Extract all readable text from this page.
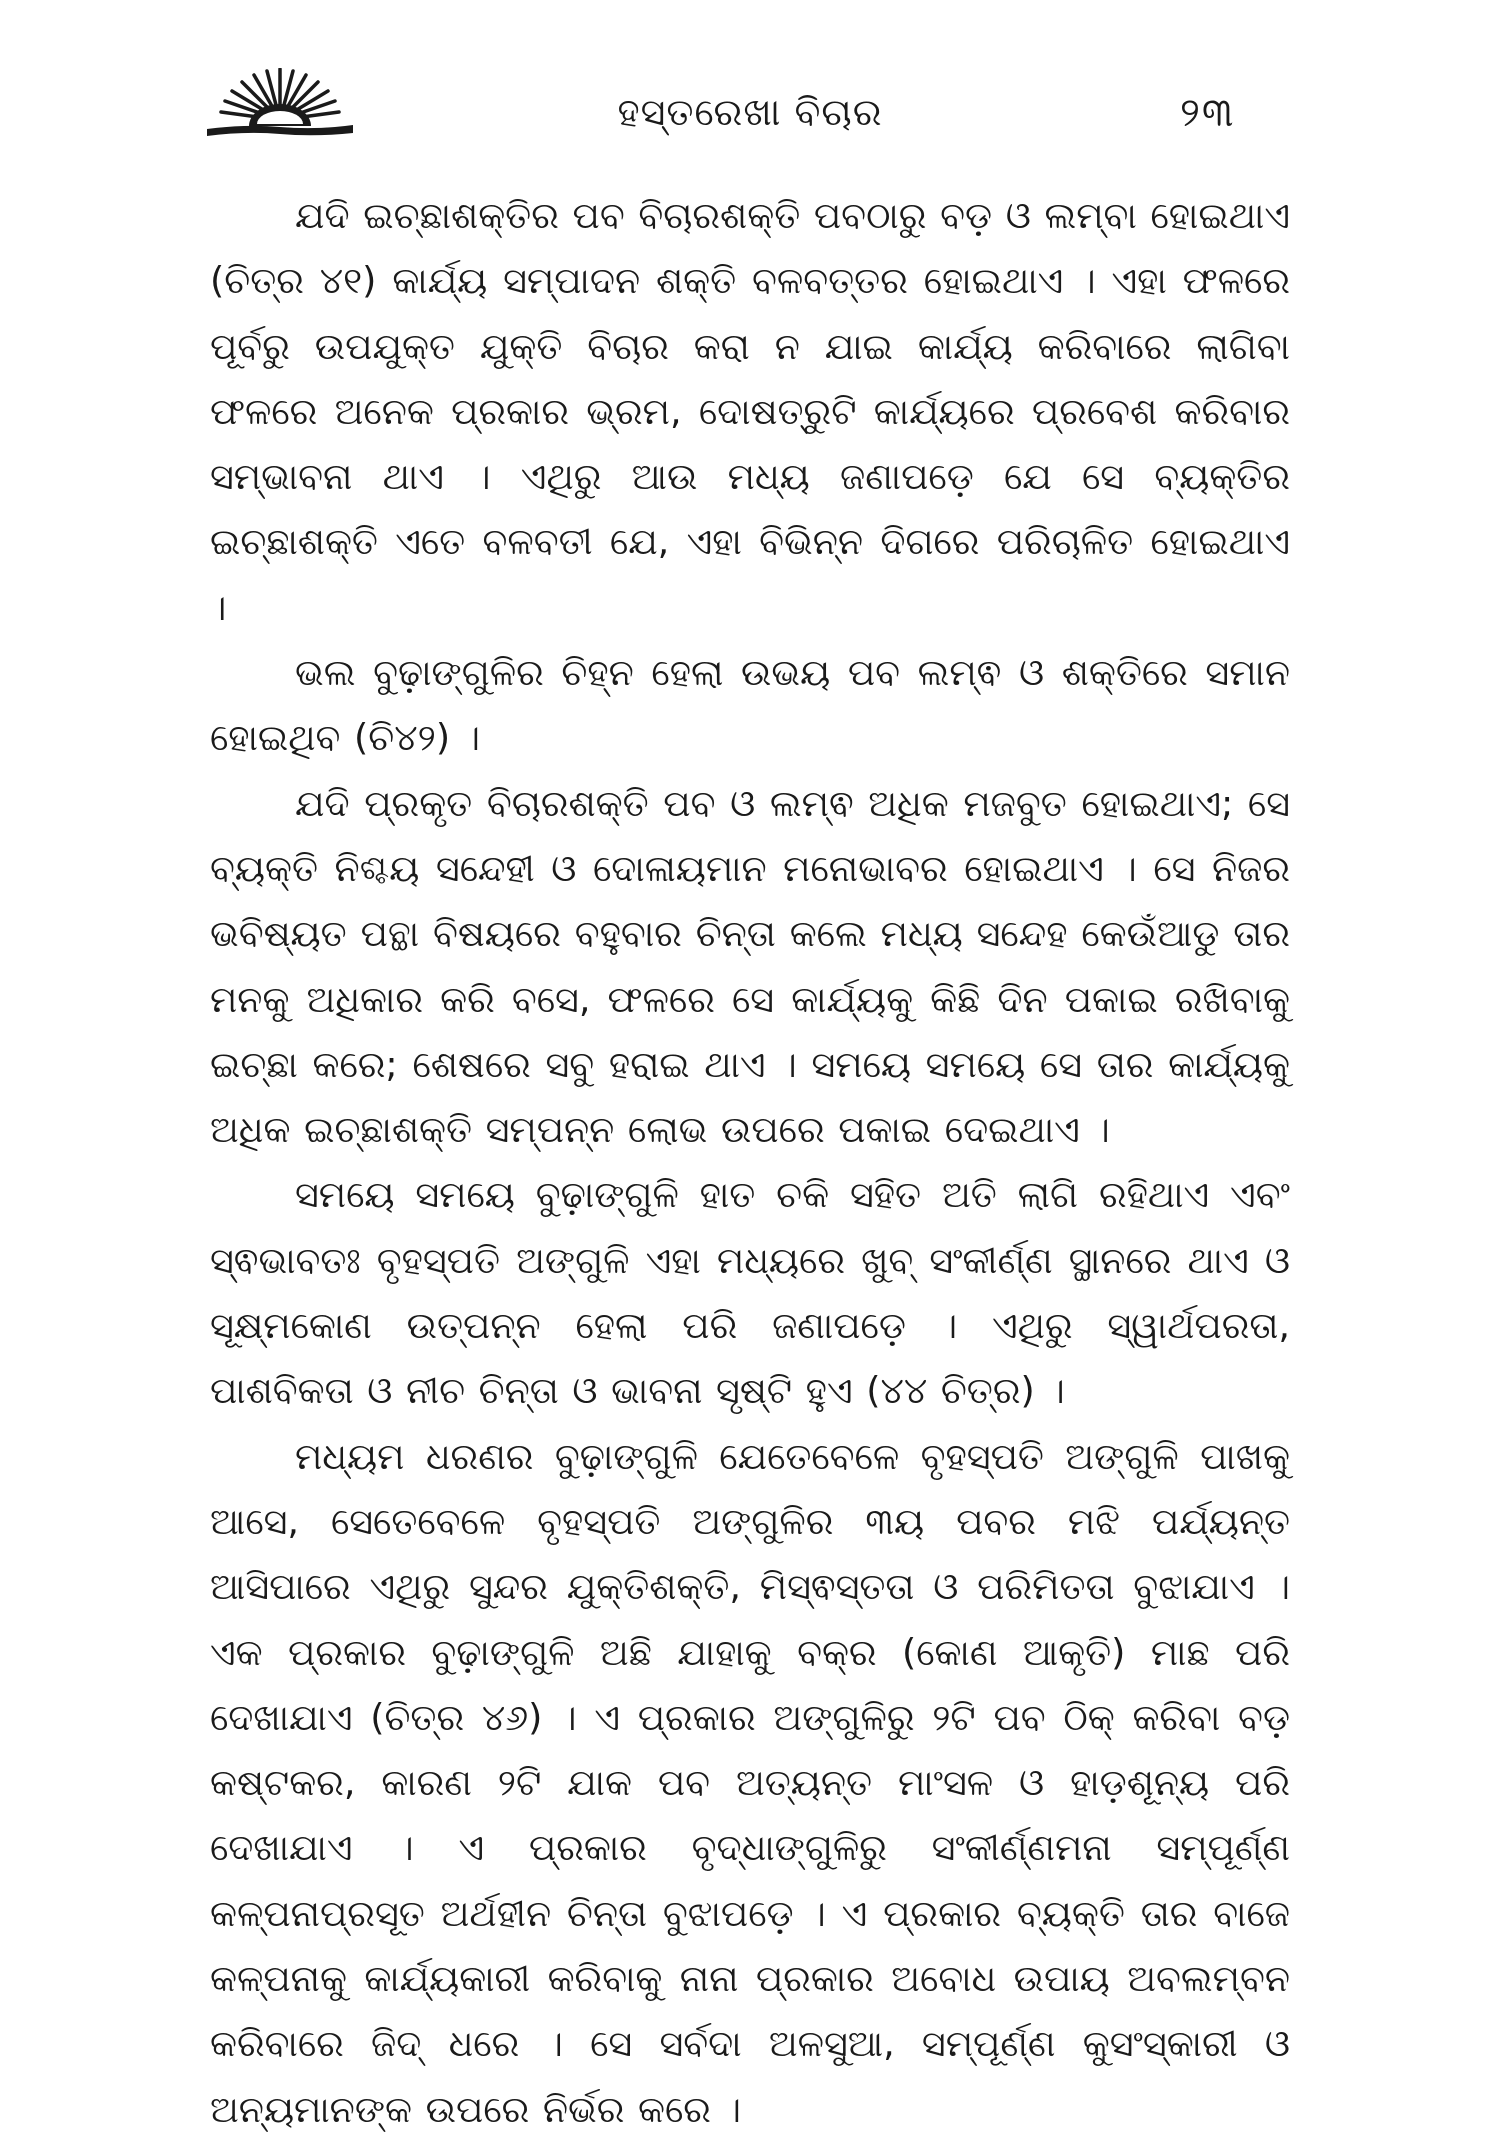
ହସ୍ତରେଖା ବିଚାର	୨୩

ଯଦି ଇଚ୍ଛାଶକ୍ତିର ପବ ବିଚାରଶକ୍ତି ପବଠାରୁ ବଡ଼ ଓ ଲମ୍ବା ହୋଇଥାଏ (ଚିତ୍ର ୪୧) କାର୍ଯ୍ୟ ସମ୍ପାଦନ ଶକ୍ତି ବଳବତ୍ତର ହୋଇଥାଏ । ଏହା ଫଳରେ ପୂର୍ବରୁ ଉପଯୁକ୍ତ ଯୁକ୍ତି ବିଚାର କରା ନ ଯାଇ କାର୍ଯ୍ୟ କରିବାରେ ଲାଗିବା ଫଳରେ ଅନେକ ପ୍ରକାର ଭ୍ରମ, ଦୋଷତ୍ରୁଟି କାର୍ଯ୍ୟରେ ପ୍ରବେଶ କରିବାର ସମ୍ଭାବନା ଥାଏ । ଏଥିରୁ ଆଉ ମଧ୍ୟ ଜଣାପଡ଼େ ଯେ ସେ ବ୍ୟକ୍ତିର ଇଚ୍ଛାଶକ୍ତି ଏତେ ବଳବତୀ ଯେ, ଏହା ବିଭିନ୍ନ ଦିଗରେ ପରିଚାଳିତ ହୋଇଥାଏ ।

ଭଲ ବୁଢ଼ାଙ୍ଗୁଳିର ଚିହ୍ନ ହେଲା ଉଭୟ ପବ ଲମ୍ଵ ଓ ଶକ୍ତିରେ ସମାନ ହୋଇଥିବ (ଚି୪୨) ।

ଯଦି ପ୍ରକୃତ ବିଚାରଶକ୍ତି ପବ ଓ ଲମ୍ଵ ଅଧିକ ମଜବୁତ ହୋଇଥାଏ; ସେ ବ୍ୟକ୍ତି ନିଶ୍ଚୟ ସନ୍ଦେହୀ ଓ ଦୋଳାୟମାନ ମନୋଭାବର ହୋଇଥାଏ । ସେ ନିଜର ଭବିଷ୍ୟତ ପନ୍ଥା ବିଷୟରେ ବହୁବାର ଚିନ୍ତା କଲେ ମଧ୍ୟ ସନ୍ଦେହ କେଉଁଆଡୁ ତାର ମନକୁ ଅଧିକାର କରି ବସେ, ଫଳରେ ସେ କାର୍ଯ୍ୟକୁ କିଛି ଦିନ ପକାଇ ରଖିବାକୁ ଇଚ୍ଛା କରେ; ଶେଷରେ ସବୁ ହରାଇ ଥାଏ । ସମୟେ ସମୟେ ସେ ତାର କାର୍ଯ୍ୟକୁ ଅଧିକ ଇଚ୍ଛାଶକ୍ତି ସମ୍ପନ୍ନ ଲୋଭ ଉପରେ ପକାଇ ଦେଇଥାଏ ।

ସମୟେ ସମୟେ ବୁଢ଼ାଙ୍ଗୁଳି ହାତ ଚକି ସହିତ ଅତି ଲାଗି ରହିଥାଏ ଏବଂ ସ୍ଵଭାବତଃ ବୃହସ୍ପତି ଅଙ୍ଗୁଳି ଏହା ମଧ୍ୟରେ ଖୁବ୍ ସଂକୀର୍ଣ୍ଣ ସ୍ଥାନରେ ଥାଏ ଓ ସୂକ୍ଷ୍ମକୋଣ ଉତ୍ପନ୍ନ ହେଲା ପରି ଜଣାପଡ଼େ । ଏଥିରୁ ସ୍ୱାର୍ଥପରତା, ପାଶବିକତା ଓ ନୀଚ ଚିନ୍ତା ଓ ଭାବନା ସୃଷ୍ଟି ହୁଏ (୪୪ ଚିତ୍ର) ।

ମଧ୍ୟମ ଧରଣର ବୁଢ଼ାଙ୍ଗୁଳି ଯେତେବେଳେ ବୃହସ୍ପତି ଅଙ୍ଗୁଳି ପାଖକୁ ଆସେ, ସେତେବେଳେ ବୃହସ୍ପତି ଅଙ୍ଗୁଳିର ୩ୟ ପବର ମଝି ପର୍ଯ୍ୟନ୍ତ ଆସିପାରେ ଏଥିରୁ ସୁନ୍ଦର ଯୁକ୍ତିଶକ୍ତି, ମିସ୍ଵସ୍ତତା ଓ ପରିମିତତା ବୁଝାଯାଏ । ଏକ ପ୍ରକାର ବୁଢ଼ାଙ୍ଗୁଳି ଅଛି ଯାହାକୁ ବକ୍ର (କୋଣ ଆକୃତି) ମାଛ ପରି ଦେଖାଯାଏ (ଚିତ୍ର ୪୬) । ଏ ପ୍ରକାର ଅଙ୍ଗୁଳିରୁ ୨ଟି ପବ ଠିକ୍ କରିବା ବଡ଼ କଷ୍ଟକର, କାରଣ ୨ଟି ଯାକ ପବ ଅତ୍ୟନ୍ତ ମାଂସଳ ଓ ହାଡ଼ଶୂନ୍ୟ ପରି ଦେଖାଯାଏ । ଏ ପ୍ରକାର ବୃଦ୍ଧାଙ୍ଗୁଳିରୁ ସଂକୀର୍ଣ୍ଣମନା ସମ୍ପୂର୍ଣ୍ଣ କଳ୍ପନାପ୍ରସୂତ ଅର୍ଥହୀନ ଚିନ୍ତା ବୁଝାପଡ଼େ । ଏ ପ୍ରକାର ବ୍ୟକ୍ତି ତାର ବାଜେ କଳ୍ପନାକୁ କାର୍ଯ୍ୟକାରୀ କରିବାକୁ ନାନା ପ୍ରକାର ଅବୋଧ ଉପାୟ ଅବଲମ୍ବନ କରିବାରେ ଜିଦ୍ ଧରେ । ସେ ସର୍ବଦା ଅଳସୁଆ, ସମ୍ପୂର୍ଣ୍ଣ କୁସଂସ୍କାରୀ ଓ ଅନ୍ୟମାନଙ୍କ ଉପରେ ନିର୍ଭର କରେ ।
